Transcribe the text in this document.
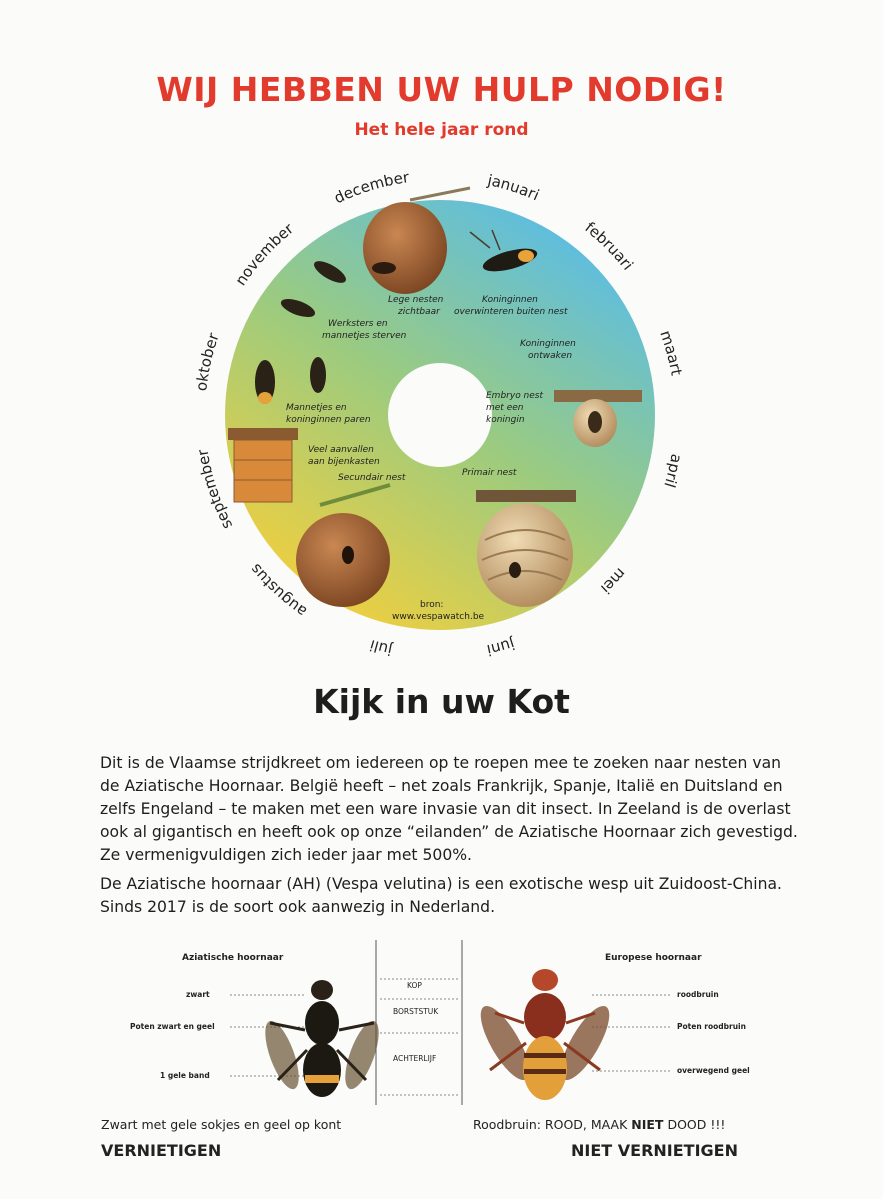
WIJ HEBBEN UW HULP NODIG!
Het hele jaar rond
januari
februari
maart
april
mei
juni
juli
augustus
september
oktober
november
december
Lege nesten
zichtbaar
Koninginnen
overwinteren buiten nest
Koninginnen
ontwaken
Embryo nest
met een
koningin
Primair nest
Secundair nest
Veel aanvallen
aan bijenkasten
Mannetjes en
koninginnen paren
Werksters en
mannetjes sterven
bron:
www.vespawatch.be
Kijk in uw Kot
Dit is de Vlaamse strijdkreet om iedereen op te roepen mee te zoeken naar nesten van de Aziatische Hoornaar. België heeft – net zoals Frankrijk, Spanje, Italië en Duitsland en zelfs Engeland – te maken met een ware invasie van dit insect. In Zeeland is de overlast ook al gigantisch en heeft ook op onze “eilanden” de Aziatische Hoornaar zich gevestigd. Ze vermenigvuldigen zich ieder jaar met 500%.
De Aziatische hoornaar (AH) (Vespa velutina) is een exotische wesp uit Zuidoost-China. Sinds 2017 is de soort ook aanwezig in Nederland.
Aziatische hoornaar
zwart
Poten zwart en geel
1 gele band
KOP
BORSTSTUK
ACHTERLIJF
Europese hoornaar
roodbruin
Poten roodbruin
overwegend geel
Zwart met gele sokjes en geel op kont	Roodbruin: ROOD, MAAK NIET DOOD !!!
VERNIETIGEN	NIET VERNIETIGEN
